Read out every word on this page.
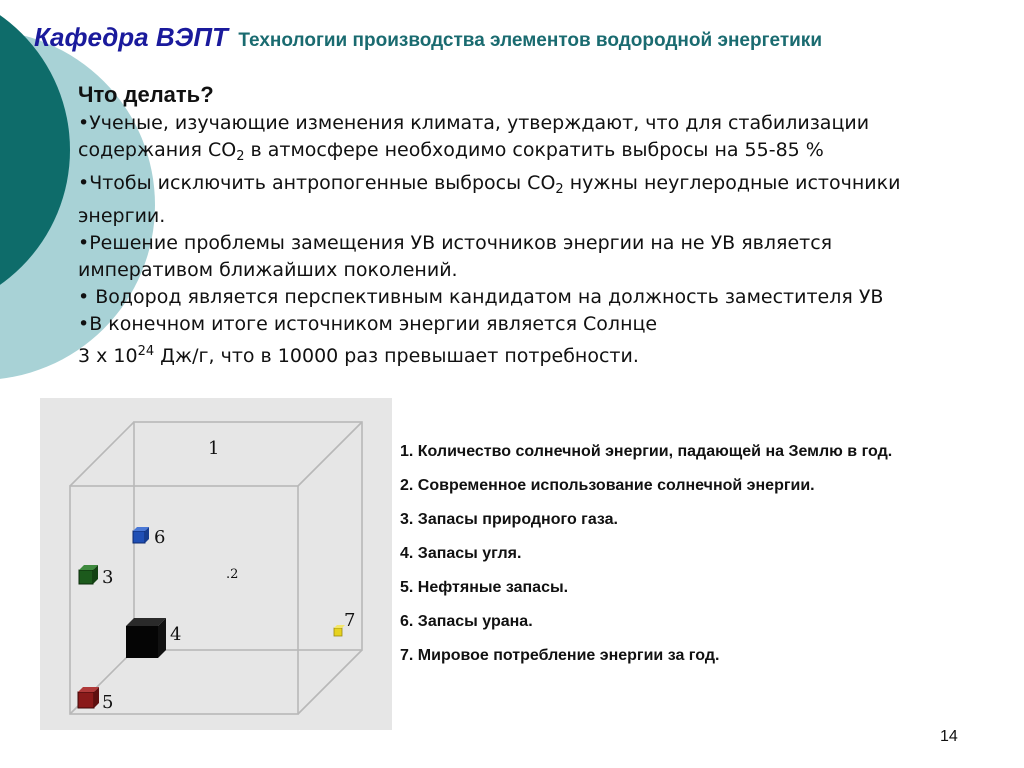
Кафедра ВЭПТ Технологии производства элементов водородной энергетики

Что делать?

•Ученые, изучающие изменения климата, утверждают, что для стабилизации содержания $СО_2$ в атмосфере необходимо сократить выбросы на 55-85 %

•Чтобы исключить антропогенные выбросы $СО_2$ нужны неуглеродные источники энергии.

•Решение проблемы замещения УВ источников энергии на не УВ является императивом ближайших поколений.

• Водород является перспективным кандидатом на должность заместителя УВ

•В конечном итоге источником энергии является Солнце
3 х $10^{24}$ Дж/г, что в 10000 раз превышает потребности.

1
.2
6
3
4
7
5

1. Количество солнечной энергии, падающей на Землю в год.

2. Современное использование солнечной энергии.

3. Запасы природного газа.

4. Запасы угля.

5. Нефтяные запасы.

6. Запасы урана.

7. Мировое потребление энергии за год.

14
